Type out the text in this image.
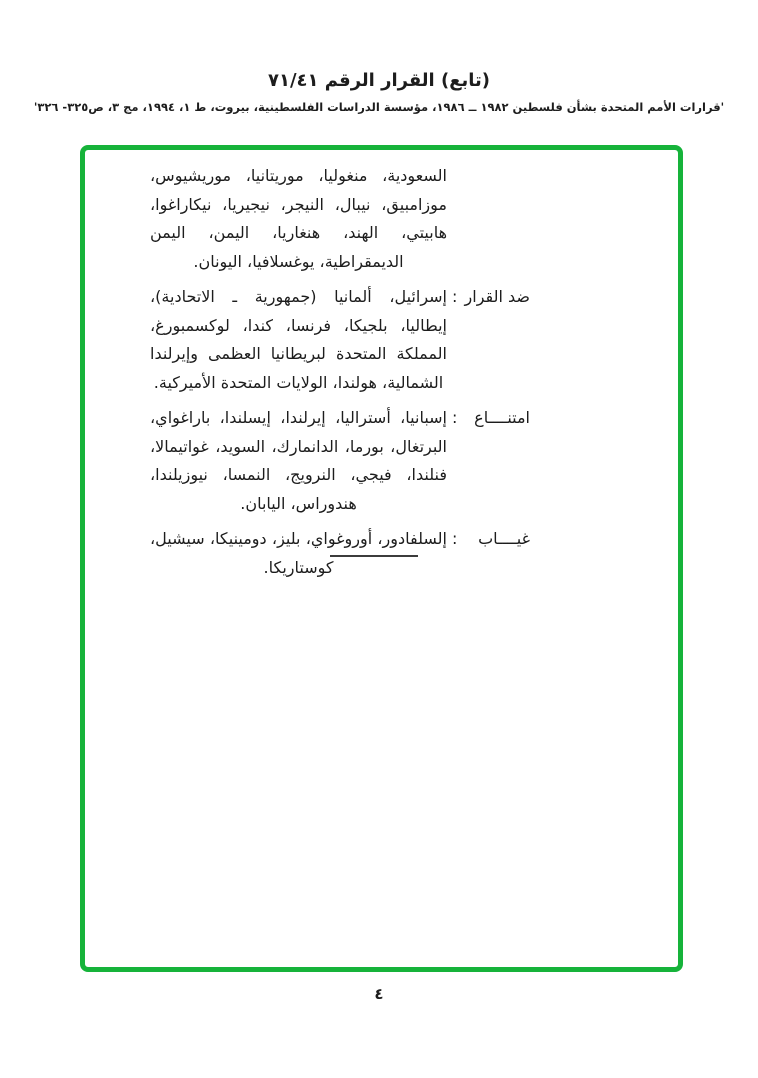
(تابع) القرار الرقم ٧١/٤١
'قرارات الأمم المتحدة بشأن فلسطين ١٩٨٢ ــ ١٩٨٦، مؤسسة الدراسات الفلسطينية، بيروت، ط ١، ١٩٩٤، مج ٣، ص٣٢٥- ٣٢٦'

السعودية، منغوليا، موريتانيا، موريشيوس، موزامبيق، نيبال، النيجر، نيجيريا، نيكاراغوا، هابيتي، الهند، هنغاريا، اليمن، اليمن الديمقراطية، يوغسلافيا، اليونان.

ضد القرار
:

إسرائيل، ألمانيا (جمهورية ـ الاتحادية)، إيطاليا، بلجيكا، فرنسا، كندا، لوكسمبورغ، المملكة المتحدة لبريطانيا العظمى وإيرلندا الشمالية، هولندا، الولايات المتحدة الأميركية.

امتنــــاع
:

إسبانيا، أستراليا، إيرلندا، إيسلندا، باراغواي، البرتغال، بورما، الدانمارك، السويد، غواتيمالا، فنلندا، فيجي، النرويج، النمسا، نيوزيلندا، هندوراس، اليابان.

غيــــاب
:

إلسلفادور، أوروغواي، بليز، دومينيكا، سيشيل، كوستاريكا.

٤
